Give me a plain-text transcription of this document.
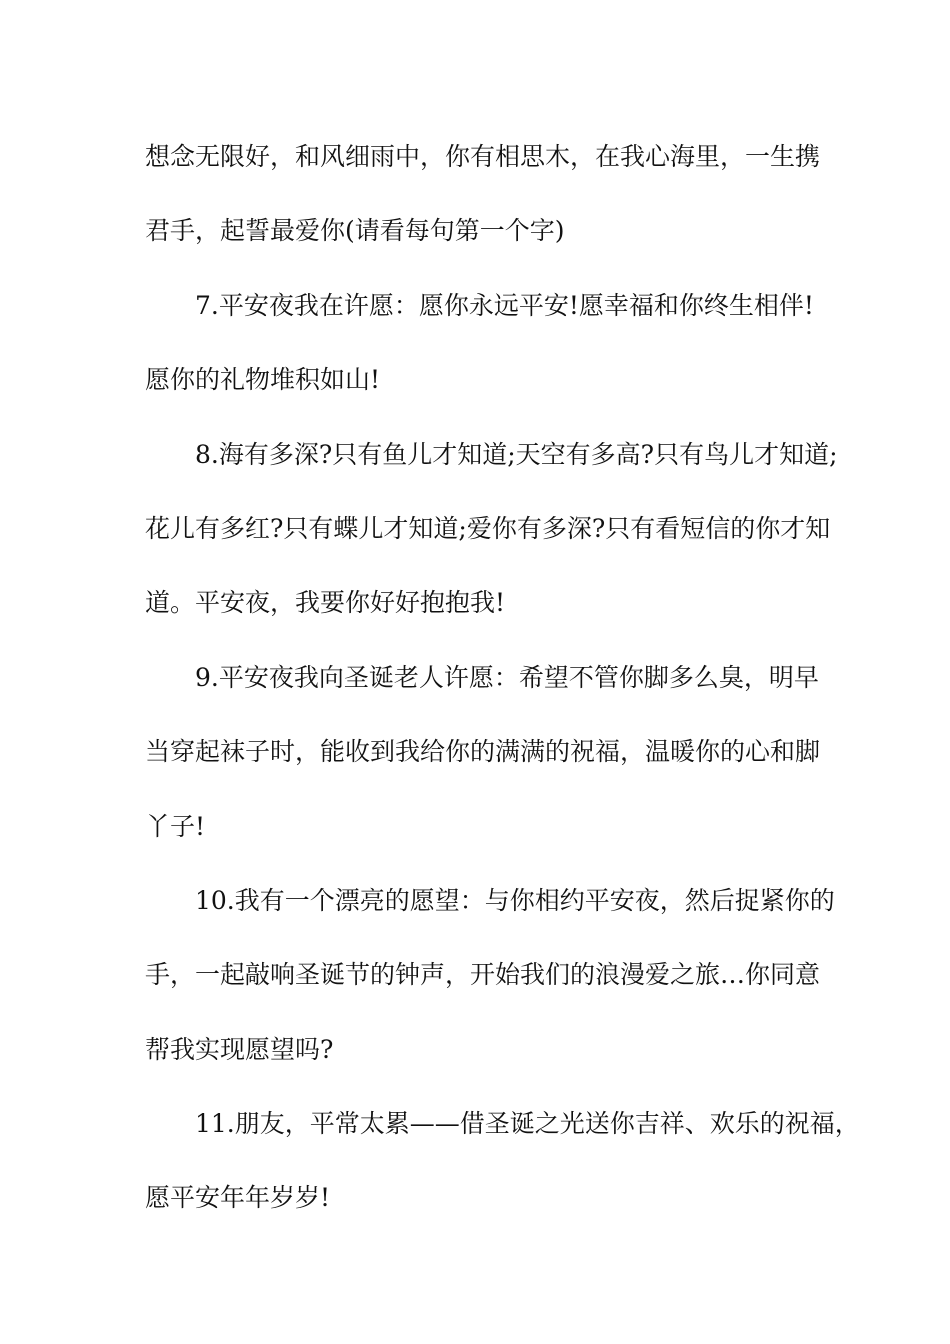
想念无限好，和风细雨中，你有相思木，在我心海里，一生携
君手，起誓最爱你(请看每句第一个字)
7.平安夜我在许愿：愿你永远平安!愿幸福和你终生相伴!
愿你的礼物堆积如山!
8.海有多深?只有鱼儿才知道;天空有多高?只有鸟儿才知道;
花儿有多红?只有蝶儿才知道;爱你有多深?只有看短信的你才知
道。平安夜，我要你好好抱抱我!
9.平安夜我向圣诞老人许愿：希望不管你脚多么臭，明早
当穿起袜子时，能收到我给你的满满的祝福，温暖你的心和脚
丫子!
10.我有一个漂亮的愿望：与你相约平安夜，然后捉紧你的
手，一起敲响圣诞节的钟声，开始我们的浪漫爱之旅…你同意
帮我实现愿望吗?
11.朋友，平常太累——借圣诞之光送你吉祥、欢乐的祝福，
愿平安年年岁岁!
